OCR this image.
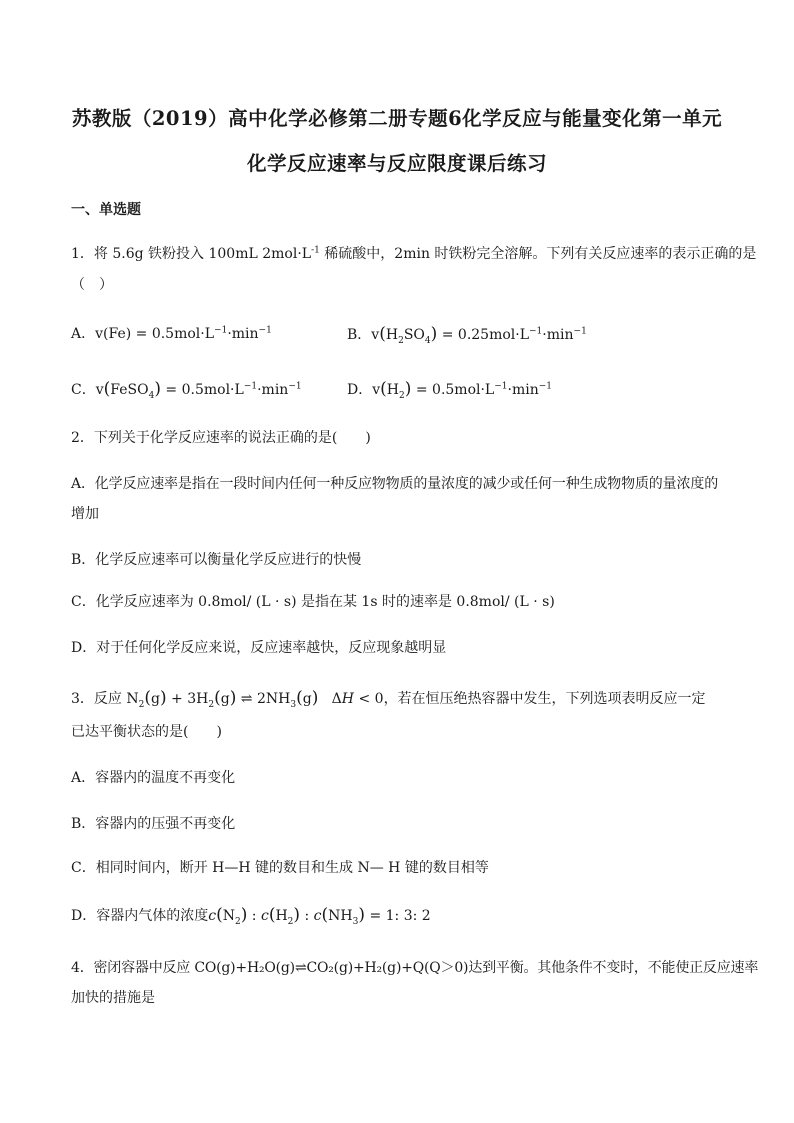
苏教版（2019）高中化学必修第二册专题6化学反应与能量变化第一单元
化学反应速率与反应限度课后练习
一、单选题
1．将 5.6g 铁粉投入 100mL $2mol\cdot L^{-1}$ 稀硫酸中，2min 时铁粉完全溶解。下列有关反应速率的表示正确的是
（　）
A．$v(Fe) = 0.5mol\cdot L^{-1}\cdot\min^{-1}$	B．$v(H_2SO_4) = 0.25mol\cdot L^{-1}\cdot\min^{-1}$
C．v(FeSO$_4$) = $0.5mol\cdot L^{-1}\cdot\min^{-1}$	D．$v(H_2) = 0.5mol\cdot L^{-1}\cdot\min^{-1}$
2．下列关于化学反应速率的说法正确的是(　　)
A．化学反应速率是指在一段时间内任何一种反应物物质的量浓度的减少或任何一种生成物物质的量浓度的
增加
B．化学反应速率可以衡量化学反应进行的快慢
C．化学反应速率为 0.8mol/ (L · s) 是指在某 1s 时的速率是 0.8mol/ (L · s)
D．对于任何化学反应来说，反应速率越快，反应现象越明显
3．反应 $N_2(g) + 3H_2(g)$ ⇌ $2NH_3(g) \Delta H < 0$，若在恒压绝热容器中发生，下列选项表明反应一定
已达平衡状态的是(　　)
A．容器内的温度不再变化
B．容器内的压强不再变化
C．相同时间内，断开 H—H 键的数目和生成 N— H 键的数目相等
D．容器内气体的浓度$c(N_2)$ : $c(H_2)$ : $c(NH_3) = 1$: 3: 2
4．密闭容器中反应 CO(g)+H₂O(g)⇌CO₂(g)+H₂(g)+Q(Q＞0)达到平衡。其他条件不变时，不能使正反应速率
加快的措施是
